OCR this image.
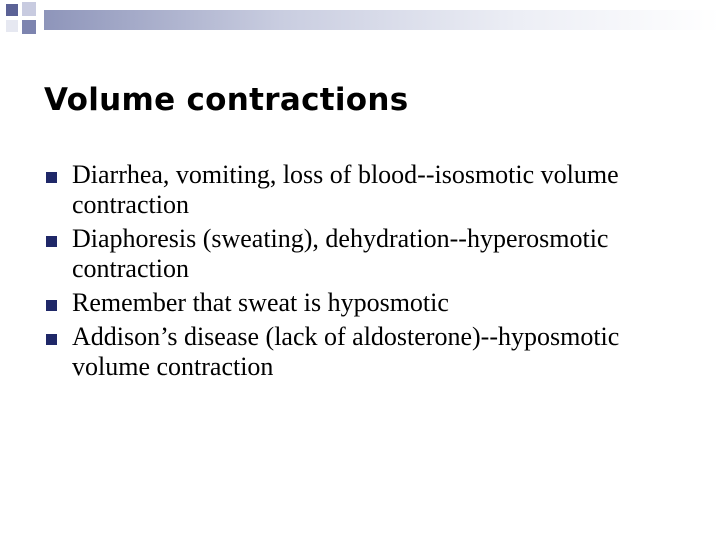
Volume contractions
Diarrhea, vomiting, loss of blood--isosmotic volume contraction
Diaphoresis (sweating), dehydration--hyperosmotic contraction
Remember that sweat is hyposmotic
Addison’s disease (lack of aldosterone)--hyposmotic volume contraction
